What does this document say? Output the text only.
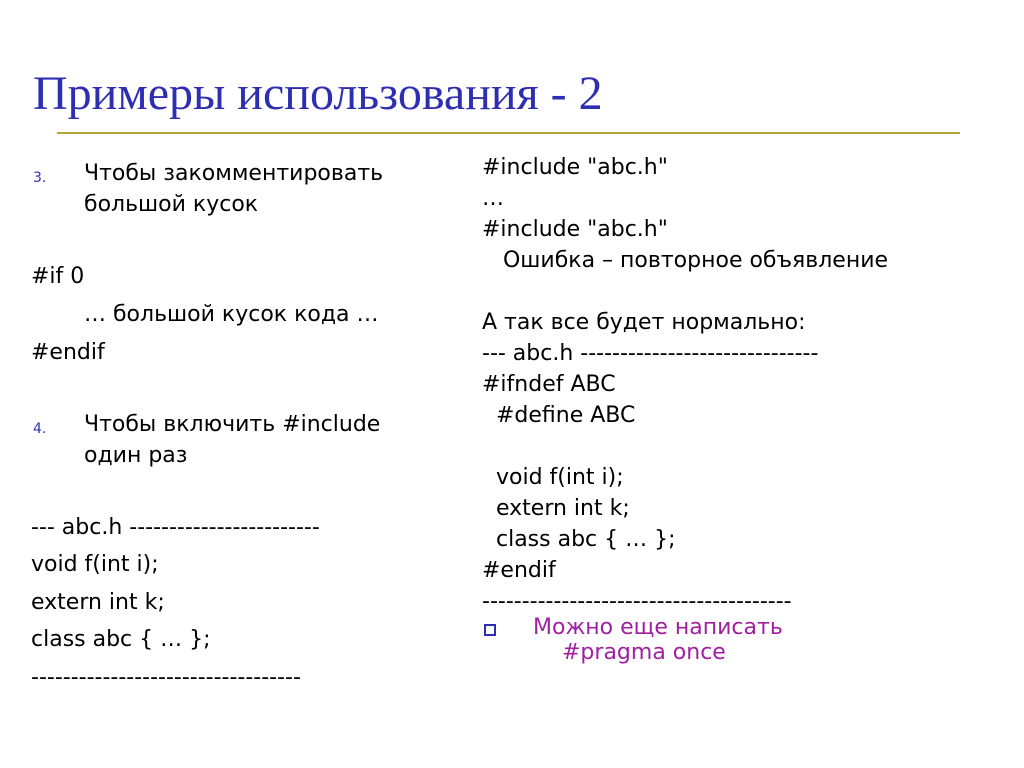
Примеры использования - 2
3.

Чтобы закомментировать

большой кусок

#if 0
… большой кусок кода …
#endif
4.

Чтобы включить #include

один раз

--- abc.h ------------------------

void f(int i);

extern int k;

class abc { … };

----------------------------------

#include "abc.h"

…

#include "abc.h"

Ошибка – повторное объявление

А так все будет нормально:

--- abc.h ------------------------------

#ifndef ABC

#define ABC

void f(int i);

extern int k;

class abc { … };

#endif

---------------------------------------

Можно еще написать

#pragma once
